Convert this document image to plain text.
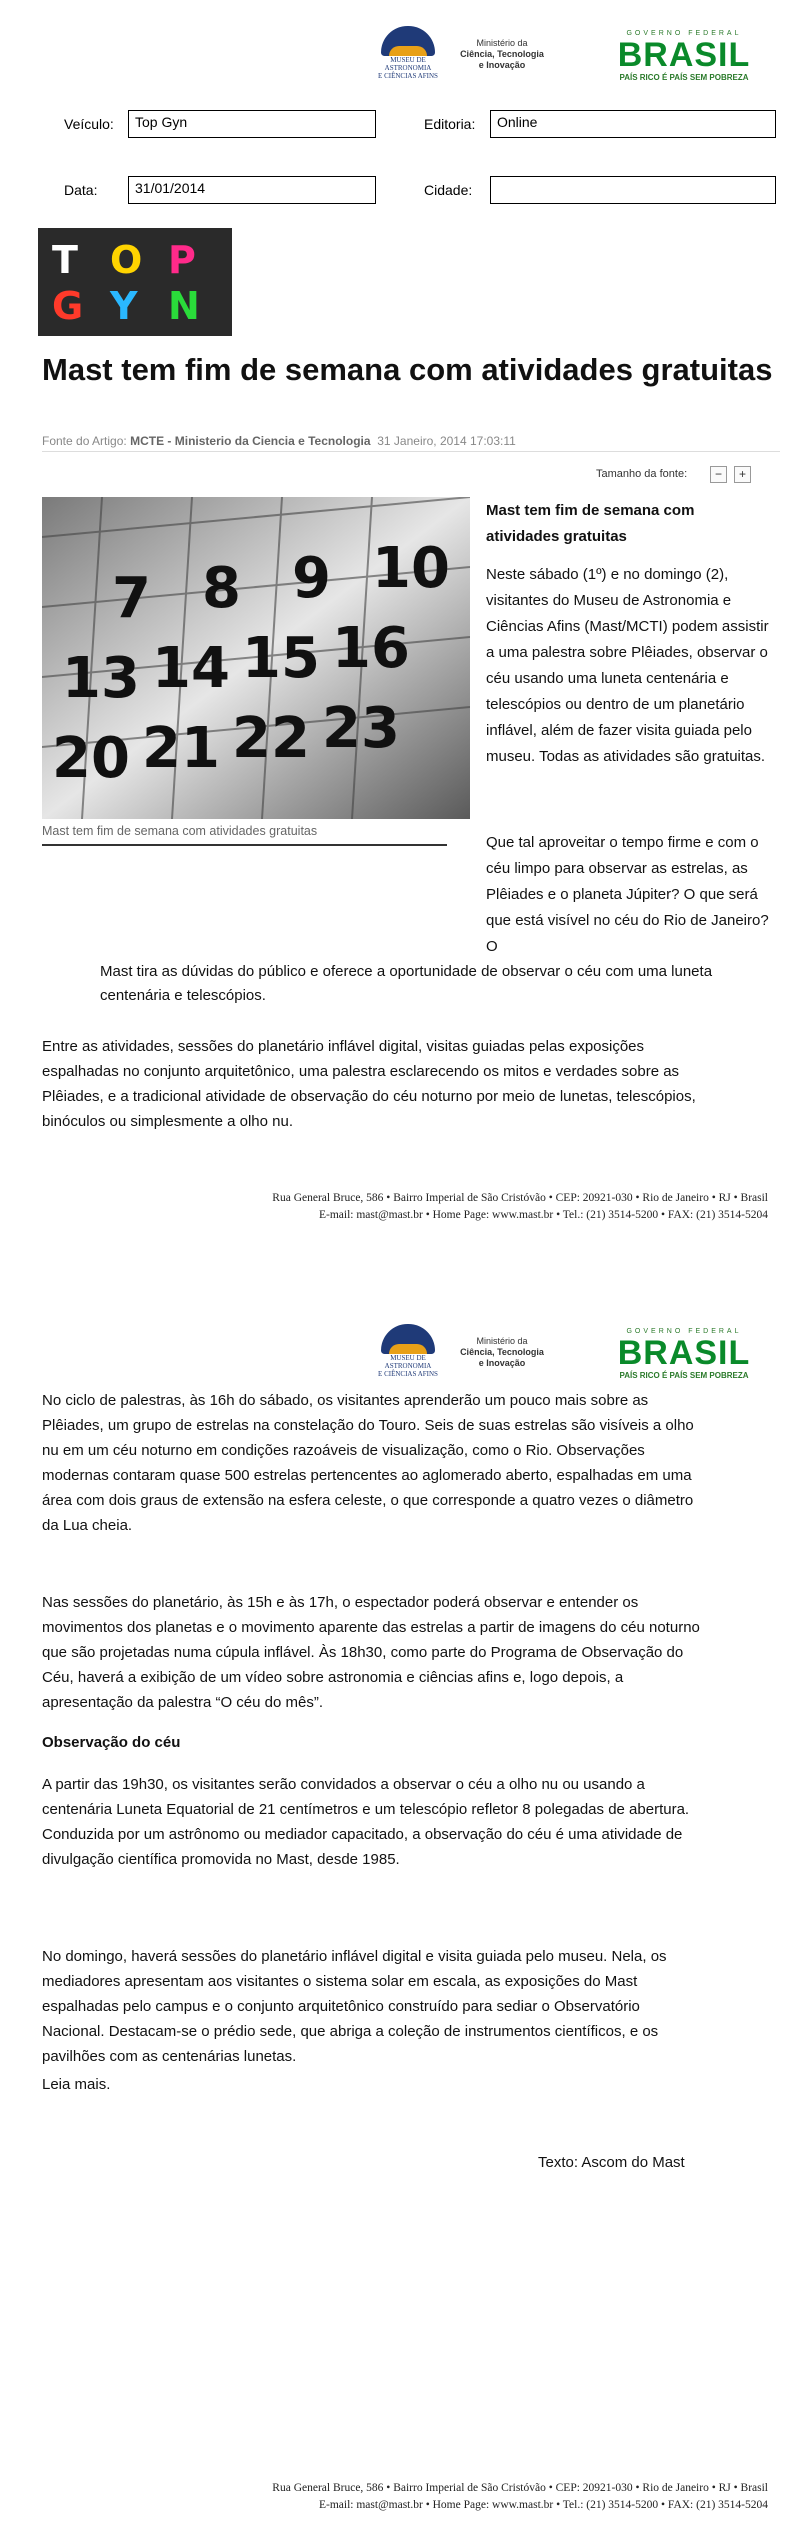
MUSEU DE
ASTRONOMIA
E CIÊNCIAS AFINS
Ministério da
Ciência, Tecnologia
e Inovação
GOVERNO FEDERAL
BRASIL
PAÍS RICO É PAÍS SEM POBREZA
Veículo:	Top Gyn	Editoria:	Online
Data:	31/01/2014	Cidade:
T O P
G Y N
Mast tem fim de semana com atividades gratuitas
Fonte do Artigo: MCTE - Ministerio da Ciencia e Tecnologia 31 Janeiro, 2014 17:03:11
Tamanho da fonte:	−	+
7 8 9 10
13 14 15 16
20 21 22 23
Mast tem fim de semana com atividades gratuitas
Mast tem fim de semana com atividades gratuitas
Neste sábado (1º) e no domingo (2), visitantes do Museu de Astronomia e Ciências Afins (Mast/MCTI) podem assistir a uma palestra sobre Plêiades, observar o céu usando uma luneta centenária e telescópios ou dentro de um planetário inflável, além de fazer visita guiada pelo museu. Todas as atividades são gratuitas.
Que tal aproveitar o tempo firme e com o céu limpo para observar as estrelas, as Plêiades e o planeta Júpiter? O que será que está visível no céu do Rio de Janeiro? O
Mast tira as dúvidas do público e oferece a oportunidade de observar o céu com uma luneta centenária e telescópios.
Entre as atividades, sessões do planetário inflável digital, visitas guiadas pelas exposições espalhadas no conjunto arquitetônico, uma palestra esclarecendo os mitos e verdades sobre as Plêiades, e a tradicional atividade de observação do céu noturno por meio de lunetas, telescópios, binóculos ou simplesmente a olho nu.
Rua General Bruce, 586 • Bairro Imperial de São Cristóvão • CEP: 20921-030 • Rio de Janeiro • RJ • Brasil
E-mail: mast@mast.br • Home Page: www.mast.br • Tel.: (21) 3514-5200 • FAX: (21) 3514-5204
MUSEU DE
ASTRONOMIA
E CIÊNCIAS AFINS
Ministério da
Ciência, Tecnologia
e Inovação
GOVERNO FEDERAL
BRASIL
PAÍS RICO É PAÍS SEM POBREZA
No ciclo de palestras, às 16h do sábado, os visitantes aprenderão um pouco mais sobre as Plêiades, um grupo de estrelas na constelação do Touro. Seis de suas estrelas são visíveis a olho nu em um céu noturno em condições razoáveis de visualização, como o Rio. Observações modernas contaram quase 500 estrelas pertencentes ao aglomerado aberto, espalhadas em uma área com dois graus de extensão na esfera celeste, o que corresponde a quatro vezes o diâmetro da Lua cheia.
Nas sessões do planetário, às 15h e às 17h, o espectador poderá observar e entender os movimentos dos planetas e o movimento aparente das estrelas a partir de imagens do céu noturno que são projetadas numa cúpula inflável. Às 18h30, como parte do Programa de Observação do Céu, haverá a exibição de um vídeo sobre astronomia e ciências afins e, logo depois, a apresentação da palestra “O céu do mês”.
Observação do céu
A partir das 19h30, os visitantes serão convidados a observar o céu a olho nu ou usando a centenária Luneta Equatorial de 21 centímetros e um telescópio refletor 8 polegadas de abertura. Conduzida por um astrônomo ou mediador capacitado, a observação do céu é uma atividade de divulgação científica promovida no Mast, desde 1985.
No domingo, haverá sessões do planetário inflável digital e visita guiada pelo museu. Nela, os mediadores apresentam aos visitantes o sistema solar em escala, as exposições do Mast espalhadas pelo campus e o conjunto arquitetônico construído para sediar o Observatório Nacional. Destacam-se o prédio sede, que abriga a coleção de instrumentos científicos, e os pavilhões com as centenárias lunetas.
Leia mais.
Texto: Ascom do Mast
Rua General Bruce, 586 • Bairro Imperial de São Cristóvão • CEP: 20921-030 • Rio de Janeiro • RJ • Brasil
E-mail: mast@mast.br • Home Page: www.mast.br • Tel.: (21) 3514-5200 • FAX: (21) 3514-5204
